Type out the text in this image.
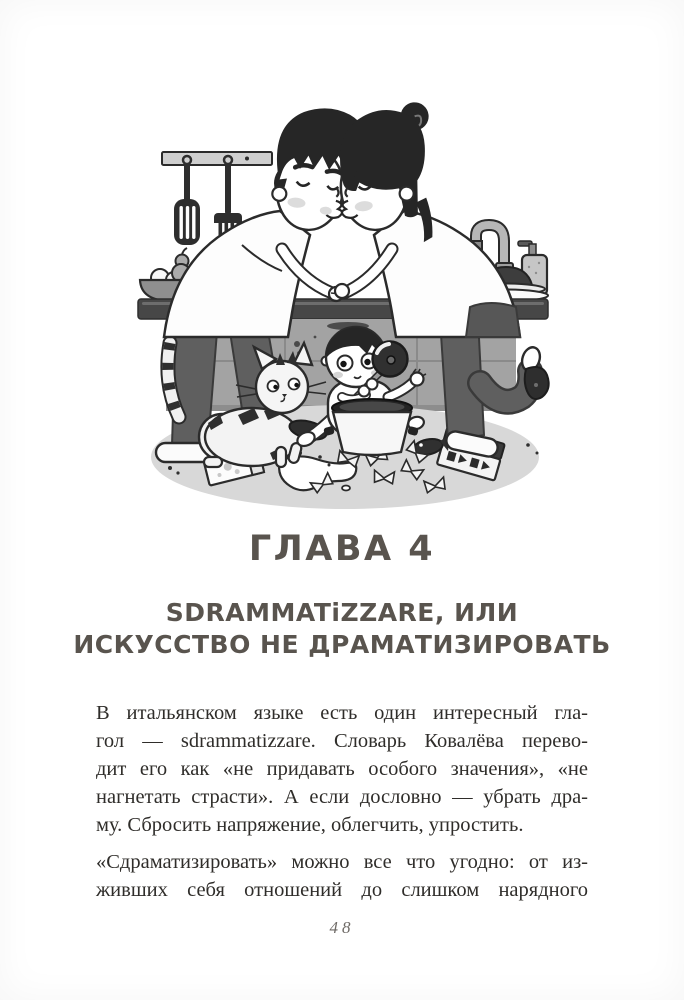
ГЛАВА 4
SDRAMMATiZZARE, ИЛИ
ИСКУССТВО НЕ ДРАМАТИЗИРОВАТЬ
В итальянском языке есть один интересный гла-
гол — sdrammatizzare. Словарь Ковалёва перево-
дит его как «не придавать особого значения», «не
нагнетать страсти». А если дословно — убрать дра-
му. Сбросить напряжение, облегчить, упростить.
«Сдраматизировать» можно все что угодно: от из-
живших себя отношений до слишком нарядного
48
